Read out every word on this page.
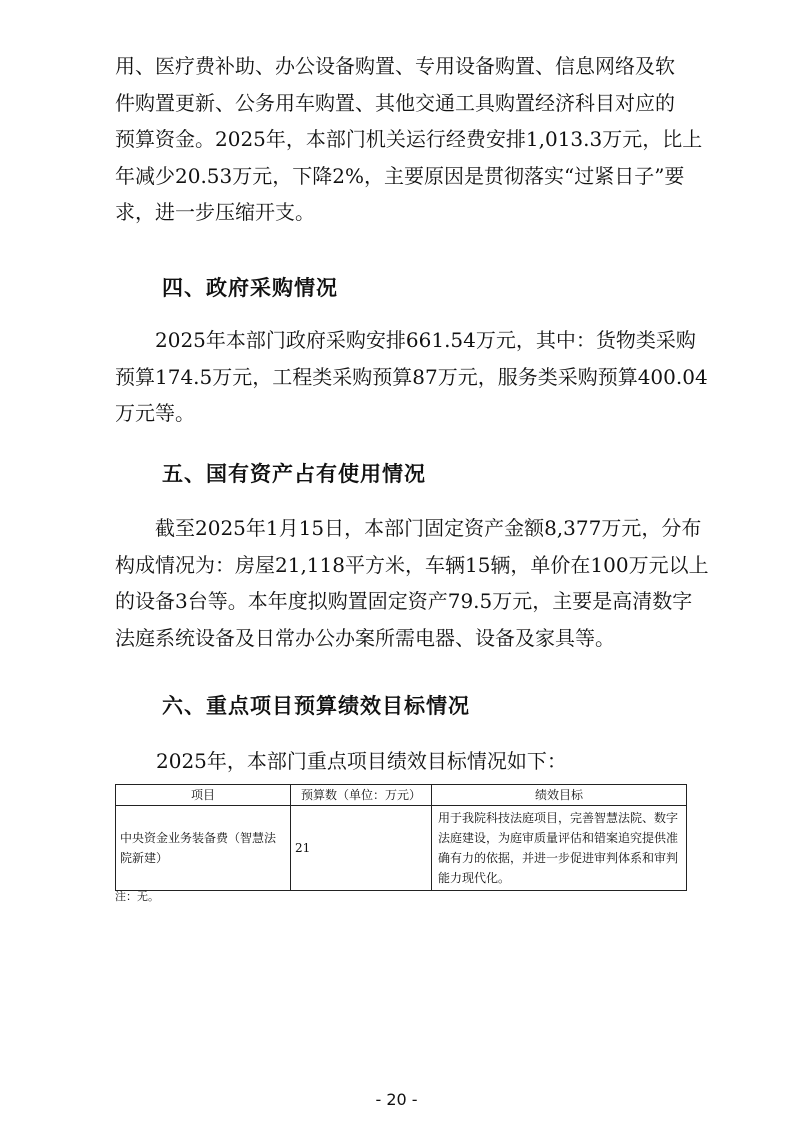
用、医疗费补助、办公设备购置、专用设备购置、信息网络及软
件购置更新、公务用车购置、其他交通工具购置经济科目对应的
预算资金。2025年，本部门机关运行经费安排1,013.3万元，比上
年减少20.53万元，下降2%，主要原因是贯彻落实“过紧日子”要
求，进一步压缩开支。
四、政府采购情况
2025年本部门政府采购安排661.54万元，其中：货物类采购
预算174.5万元，工程类采购预算87万元，服务类采购预算400.04
万元等。
五、国有资产占有使用情况
截至2025年1月15日，本部门固定资产金额8,377万元，分布
构成情况为：房屋21,118平方米，车辆15辆，单价在100万元以上
的设备3台等。本年度拟购置固定资产79.5万元，主要是高清数字
法庭系统设备及日常办公办案所需电器、设备及家具等。
六、重点项目预算绩效目标情况

2025年，本部门重点项目绩效目标情况如下：

项目	预算数（单位：万元）	绩效目标
中央资金业务装备费（智慧法院新建）	21	用于我院科技法庭项目，完善智慧法院、数字法庭建设，为庭审质量评估和错案追究提供准确有力的依据，并进一步促进审判体系和审判能力现代化。

注：无。

- 20 -
